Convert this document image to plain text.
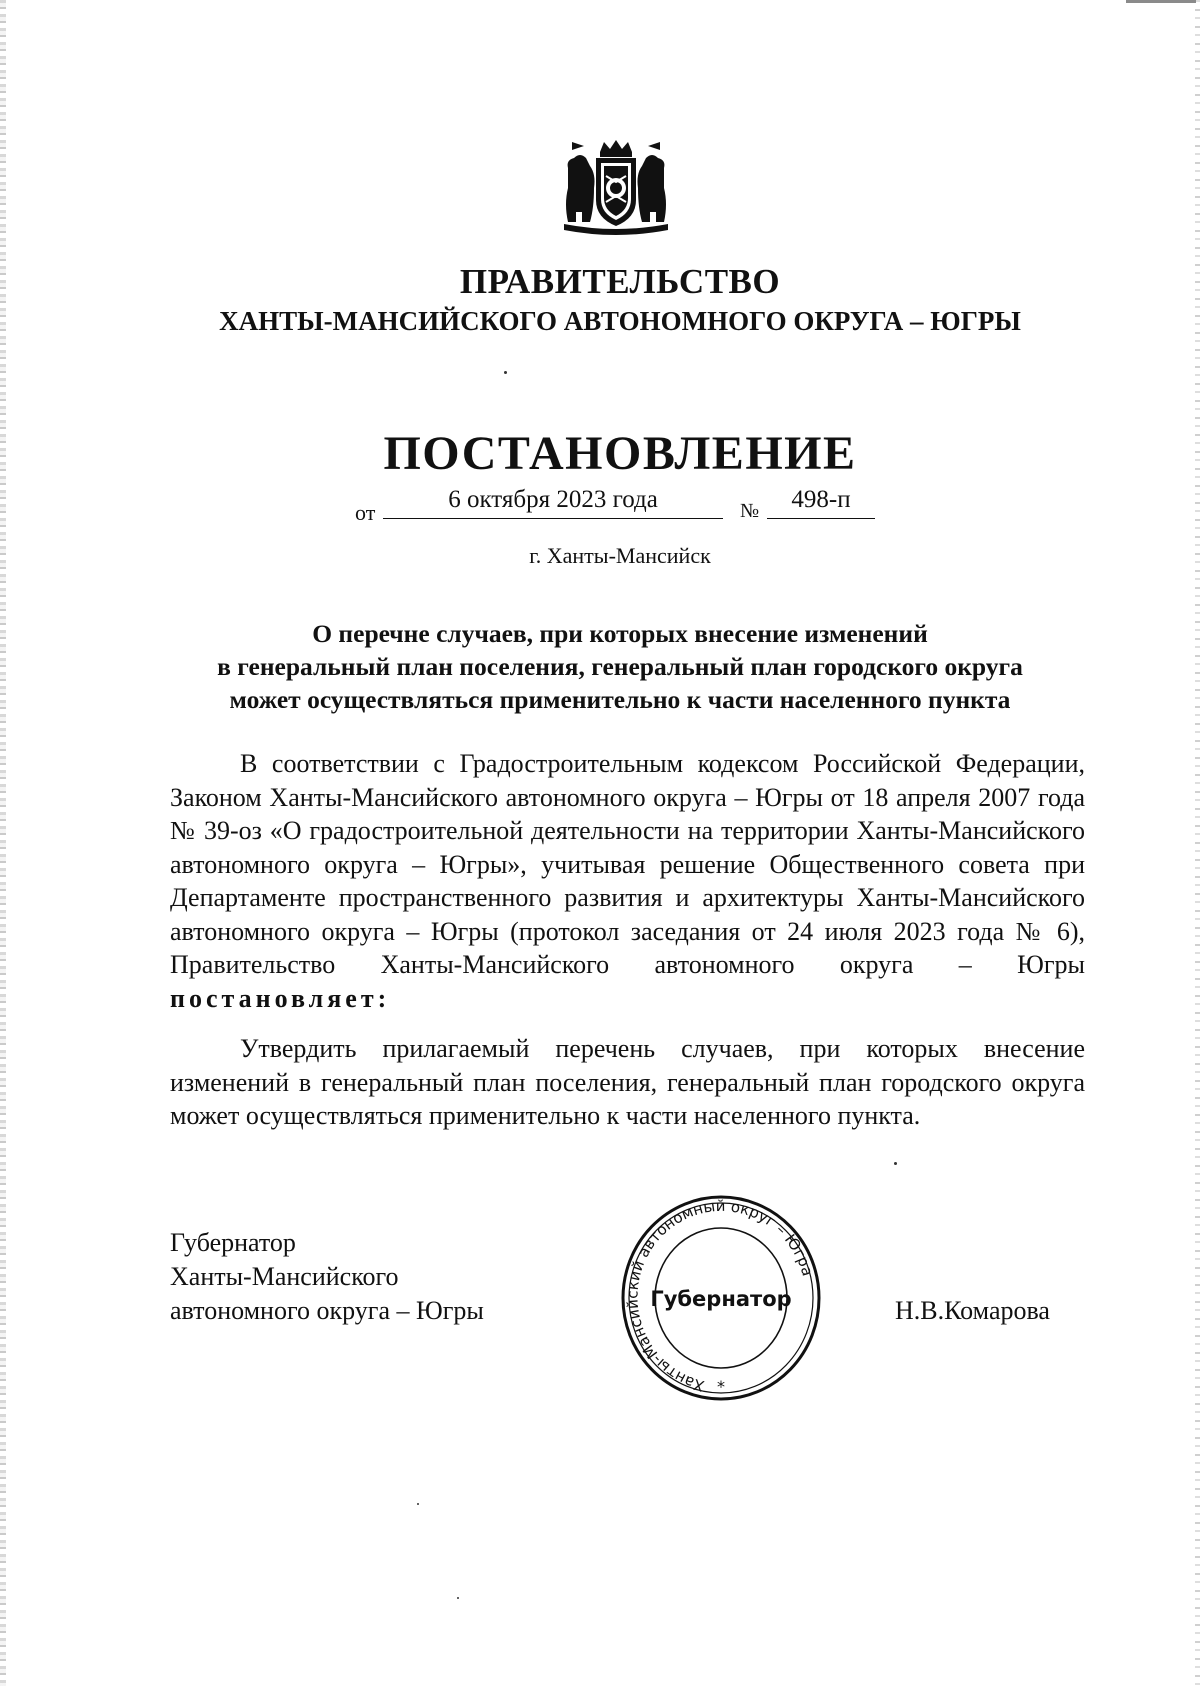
ПРАВИТЕЛЬСТВО
ХАНТЫ-МАНСИЙСКОГО АВТОНОМНОГО ОКРУГА – ЮГРЫ
ПОСТАНОВЛЕНИЕ
от	6 октября 2023 года	№	498-п
г. Ханты-Мансийск
О перечне случаев, при которых внесение изменений
в генеральный план поселения, генеральный план городского округа
может осуществляться применительно к части населенного пункта
В соответствии с Градостроительным кодексом Российской Федерации, Законом Ханты-Мансийского автономного округа – Югры от 18 апреля 2007 года № 39-оз «О градостроительной деятельности на территории Ханты-Мансийского автономного округа – Югры», учитывая решение Общественного совета при Департаменте пространственного развития и архитектуры Ханты-Мансийского автономного округа – Югры (протокол заседания от 24 июля 2023 года № 6), Правительство Ханты-Мансийского автономного округа – Югры постановляет:
Утвердить прилагаемый перечень случаев, при которых внесение изменений в генеральный план поселения, генеральный план городского округа может осуществляться применительно к части населенного пункта.
Губернатор
Ханты-Мансийского
автономного округа – Югры
Ханты-Мансийский автономный округ – Югра
Губернатор
*
Н.В.Комарова
